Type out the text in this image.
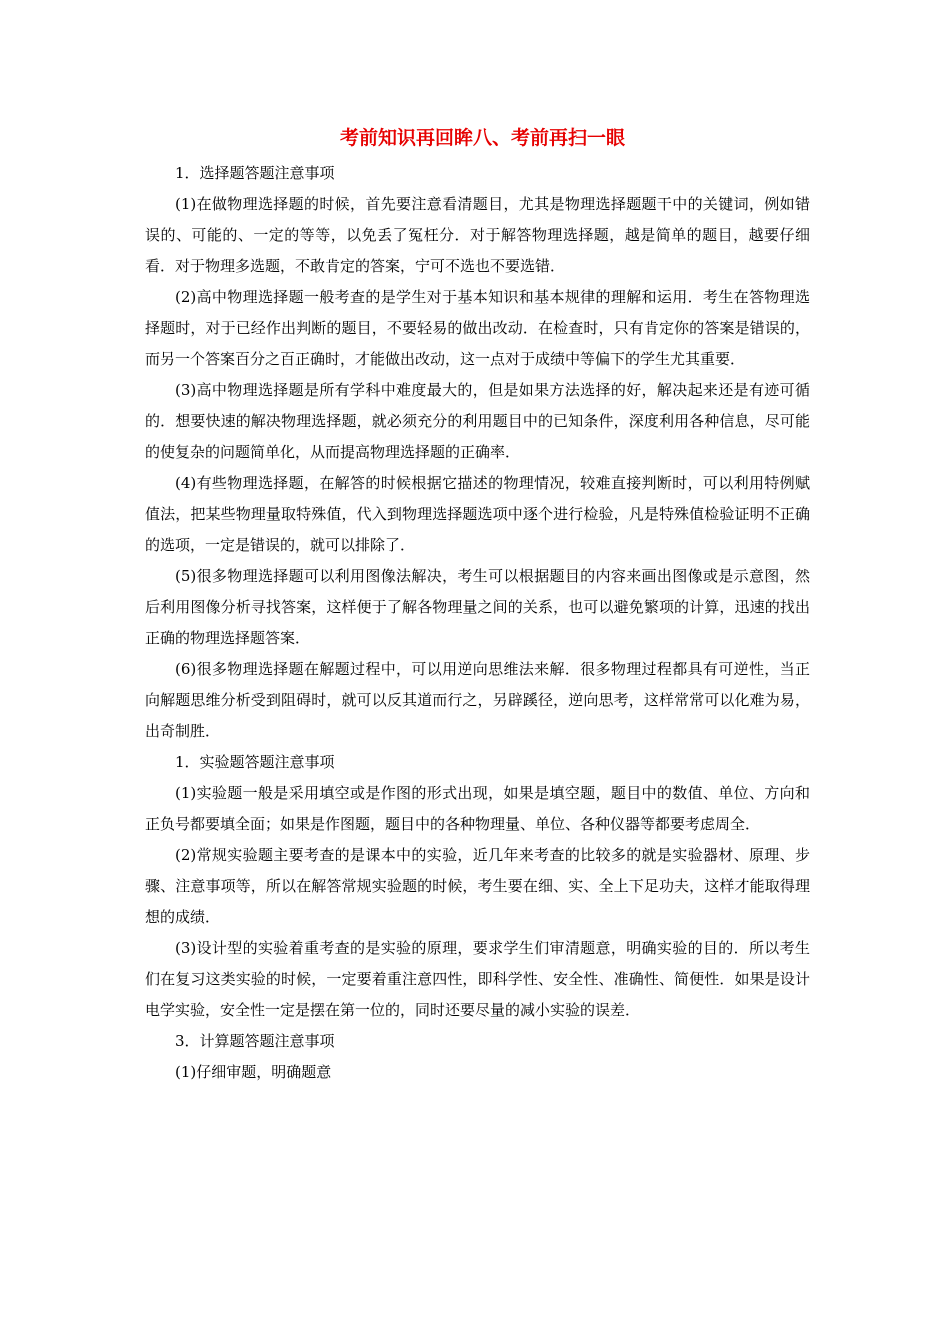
考前知识再回眸八、考前再扫一眼

1．选择题答题注意事项

(1)在做物理选择题的时候，首先要注意看清题目，尤其是物理选择题题干中的关键词，例如错误的、可能的、一定的等等，以免丢了冤枉分．对于解答物理选择题，越是简单的题目，越要仔细看．对于物理多选题，不敢肯定的答案，宁可不选也不要选错．

(2)高中物理选择题一般考查的是学生对于基本知识和基本规律的理解和运用．考生在答物理选择题时，对于已经作出判断的题目，不要轻易的做出改动．在检查时，只有肯定你的答案是错误的，而另一个答案百分之百正确时，才能做出改动，这一点对于成绩中等偏下的学生尤其重要．

(3)高中物理选择题是所有学科中难度最大的，但是如果方法选择的好，解决起来还是有迹可循的．想要快速的解决物理选择题，就必须充分的利用题目中的已知条件，深度利用各种信息，尽可能的使复杂的问题简单化，从而提高物理选择题的正确率．

(4)有些物理选择题，在解答的时候根据它描述的物理情况，较难直接判断时，可以利用特例赋值法，把某些物理量取特殊值，代入到物理选择题选项中逐个进行检验，凡是特殊值检验证明不正确的选项，一定是错误的，就可以排除了．

(5)很多物理选择题可以利用图像法解决，考生可以根据题目的内容来画出图像或是示意图，然后利用图像分析寻找答案，这样便于了解各物理量之间的关系，也可以避免繁项的计算，迅速的找出正确的物理选择题答案．

(6)很多物理选择题在解题过程中，可以用逆向思维法来解．很多物理过程都具有可逆性，当正向解题思维分析受到阻碍时，就可以反其道而行之，另辟蹊径，逆向思考，这样常常可以化难为易，出奇制胜．

1．实验题答题注意事项

(1)实验题一般是采用填空或是作图的形式出现，如果是填空题，题目中的数值、单位、方向和正负号都要填全面；如果是作图题，题目中的各种物理量、单位、各种仪器等都要考虑周全．

(2)常规实验题主要考查的是课本中的实验，近几年来考查的比较多的就是实验器材、原理、步骤、注意事项等，所以在解答常规实验题的时候，考生要在细、实、全上下足功夫，这样才能取得理想的成绩．

(3)设计型的实验着重考查的是实验的原理，要求学生们审清题意，明确实验的目的．所以考生们在复习这类实验的时候，一定要着重注意四性，即科学性、安全性、准确性、简便性．如果是设计电学实验，安全性一定是摆在第一位的，同时还要尽量的减小实验的误差．

3．计算题答题注意事项

(1)仔细审题，明确题意
